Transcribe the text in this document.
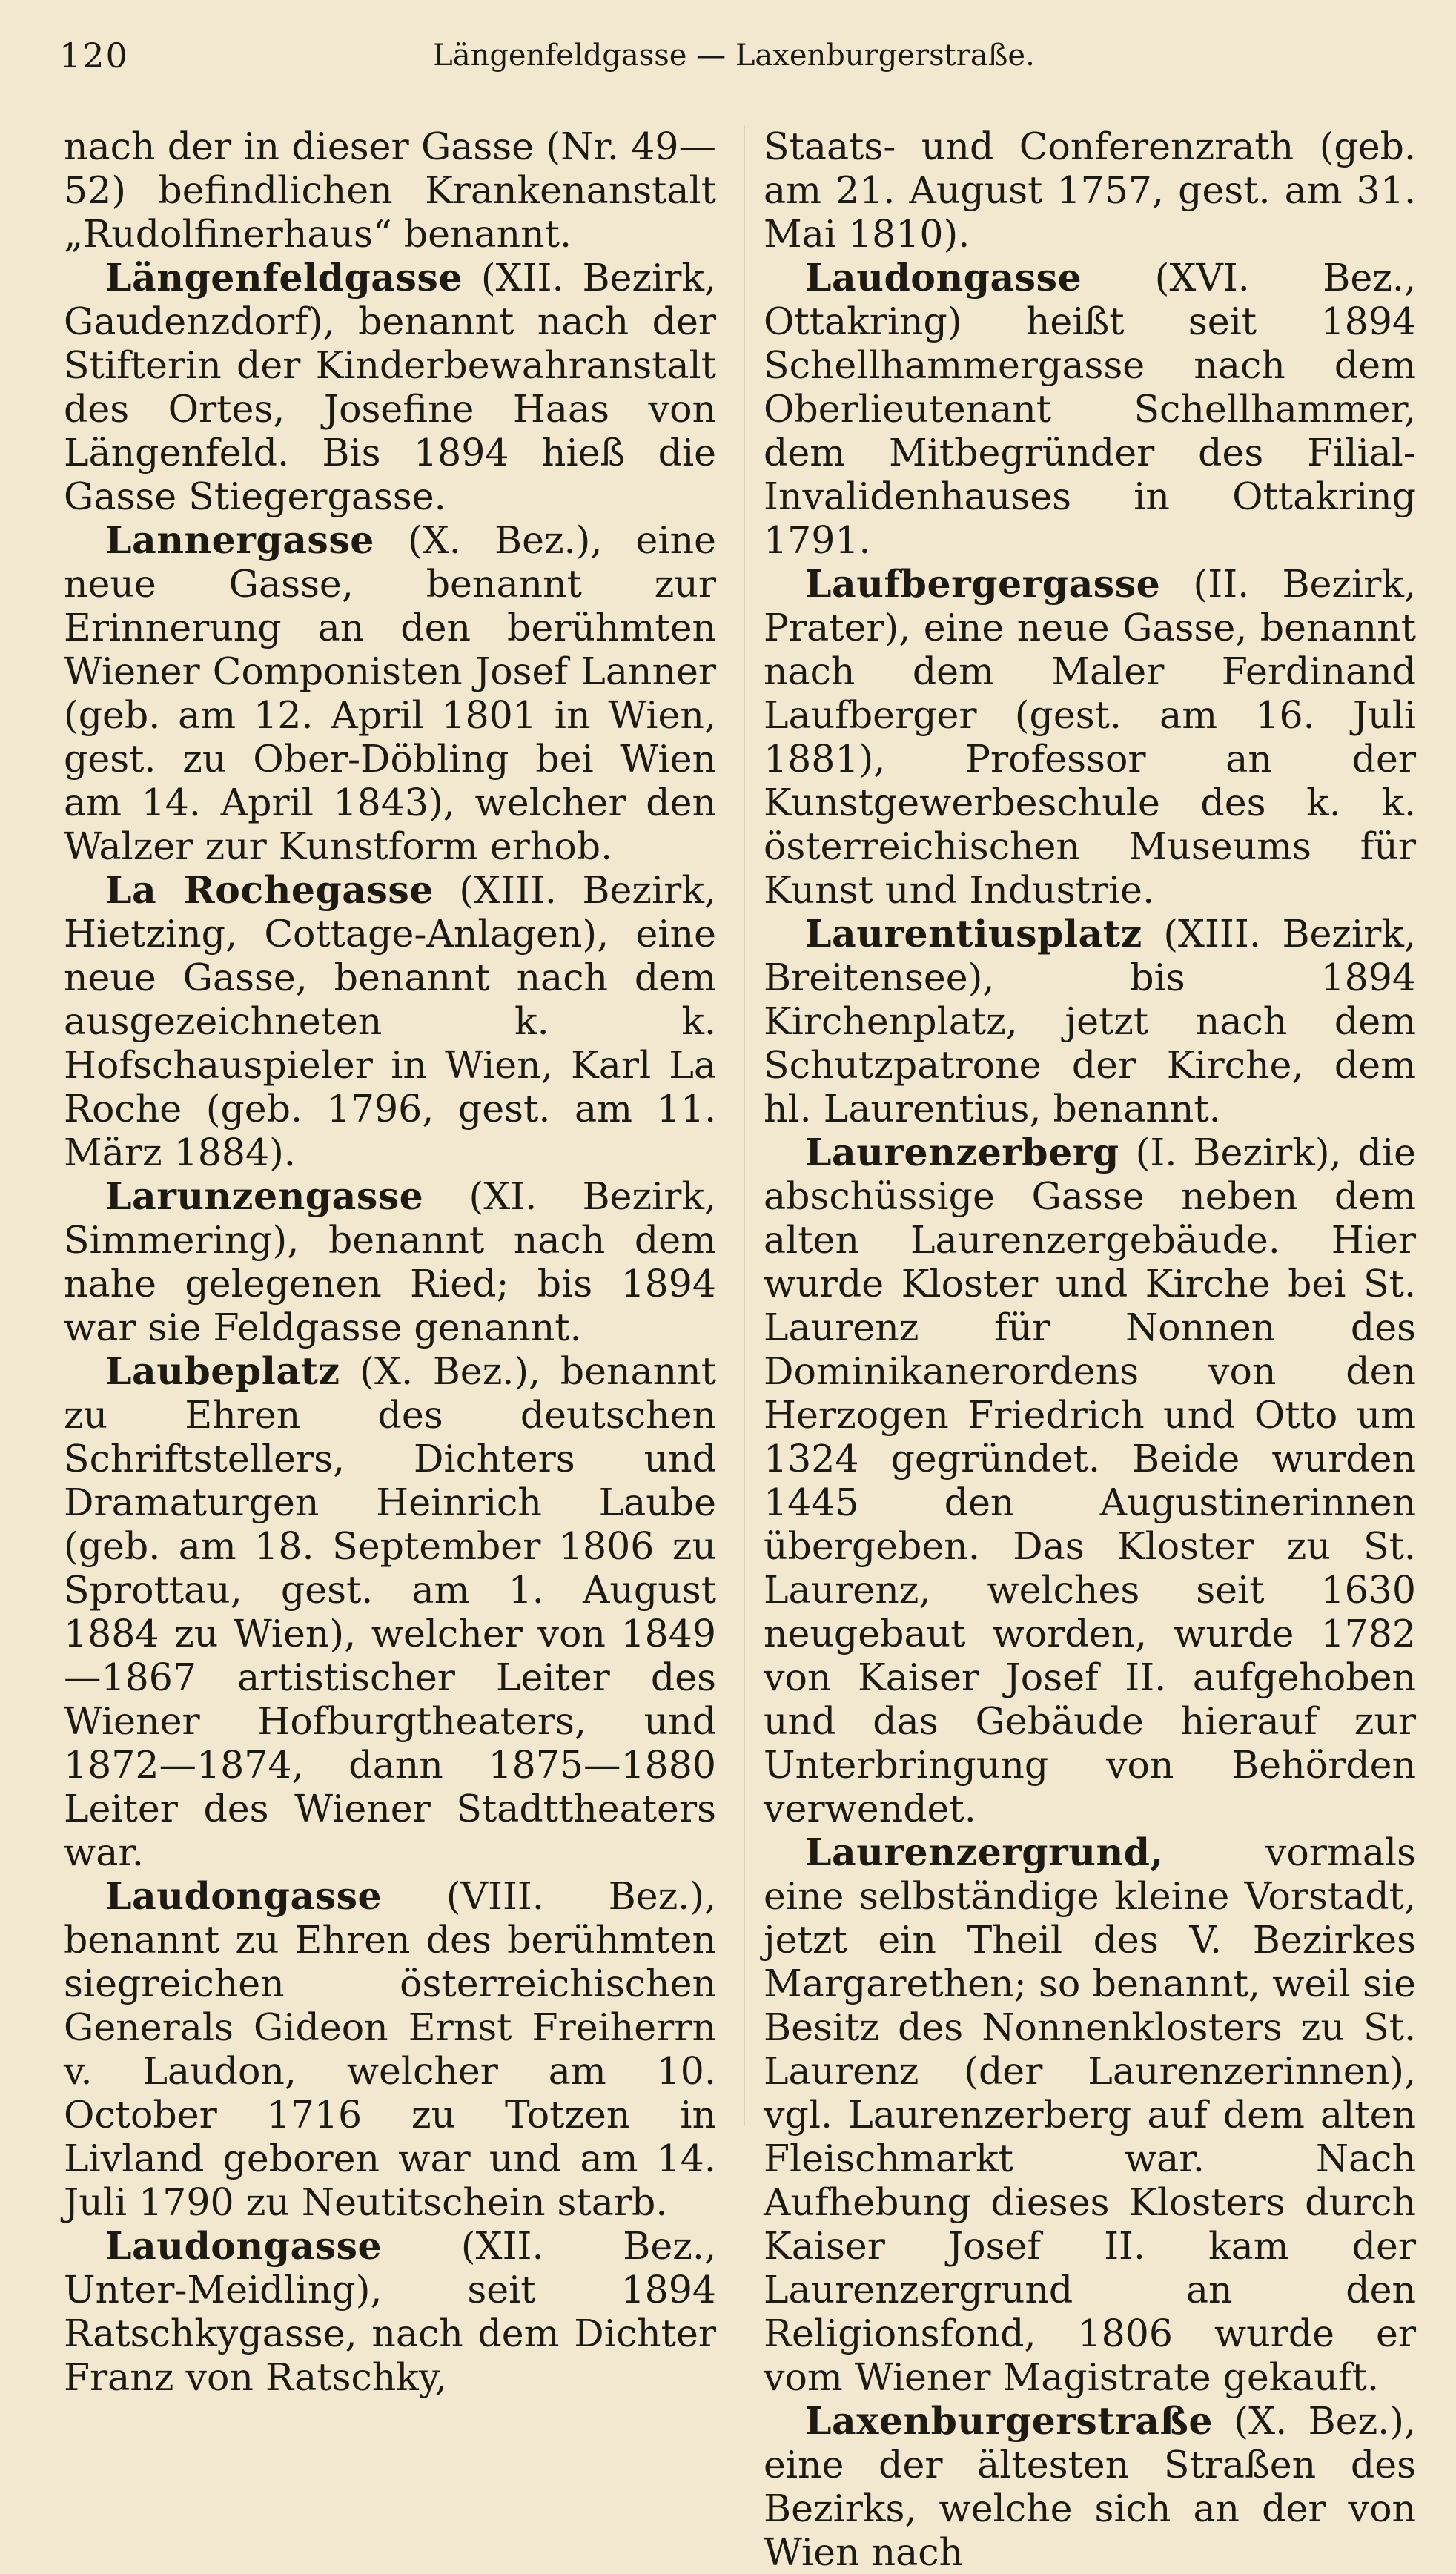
120	Längenfeldgasse — Laxenburgerstraße.

nach der in dieser Gasse (Nr. 49—52) befindlichen Krankenanstalt „Rudolfinerhaus“ benannt.

Längenfeldgasse (XII. Bezirk, Gaudenzdorf), benannt nach der Stifterin der Kinderbewahranstalt des Ortes, Josefine Haas von Längenfeld. Bis 1894 hieß die Gasse Stiegergasse.

Lannergasse (X. Bez.), eine neue Gasse, benannt zur Erinnerung an den berühmten Wiener Componisten Josef Lanner (geb. am 12. April 1801 in Wien, gest. zu Ober-Döbling bei Wien am 14. April 1843), welcher den Walzer zur Kunstform erhob.

La Rochegasse (XIII. Bezirk, Hietzing, Cottage-Anlagen), eine neue Gasse, benannt nach dem ausgezeichneten k. k. Hofschauspieler in Wien, Karl La Roche (geb. 1796, gest. am 11. März 1884).

Larunzengasse (XI. Bezirk, Simmering), benannt nach dem nahe gelegenen Ried; bis 1894 war sie Feldgasse genannt.

Laubeplatz (X. Bez.), benannt zu Ehren des deutschen Schriftstellers, Dichters und Dramaturgen Heinrich Laube (geb. am 18. September 1806 zu Sprottau, gest. am 1. August 1884 zu Wien), welcher von 1849—1867 artistischer Leiter des Wiener Hofburgtheaters, und 1872—1874, dann 1875—1880 Leiter des Wiener Stadttheaters war.

Laudongasse (VIII. Bez.), benannt zu Ehren des berühmten siegreichen österreichischen Generals Gideon Ernst Freiherrn v. Laudon, welcher am 10. October 1716 zu Totzen in Livland geboren war und am 14. Juli 1790 zu Neutitschein starb.

Laudongasse (XII. Bez., Unter-Meidling), seit 1894 Ratschkygasse, nach dem Dichter Franz von Ratschky,

Staats- und Conferenzrath (geb. am 21. August 1757, gest. am 31. Mai 1810).

Laudongasse (XVI. Bez., Ottakring) heißt seit 1894 Schellhammergasse nach dem Oberlieutenant Schellhammer, dem Mitbegründer des Filial-Invalidenhauses in Ottakring 1791.

Laufbergergasse (II. Bezirk, Prater), eine neue Gasse, benannt nach dem Maler Ferdinand Laufberger (gest. am 16. Juli 1881), Professor an der Kunstgewerbeschule des k. k. österreichischen Museums für Kunst und Industrie.

Laurentiusplatz (XIII. Bezirk, Breitensee), bis 1894 Kirchenplatz, jetzt nach dem Schutzpatrone der Kirche, dem hl. Laurentius, benannt.

Laurenzerberg (I. Bezirk), die abschüssige Gasse neben dem alten Laurenzergebäude. Hier wurde Kloster und Kirche bei St. Laurenz für Nonnen des Dominikanerordens von den Herzogen Friedrich und Otto um 1324 gegründet. Beide wurden 1445 den Augustinerinnen übergeben. Das Kloster zu St. Laurenz, welches seit 1630 neugebaut worden, wurde 1782 von Kaiser Josef II. aufgehoben und das Gebäude hierauf zur Unterbringung von Behörden verwendet.

Laurenzergrund, vormals eine selbständige kleine Vorstadt, jetzt ein Theil des V. Bezirkes Margarethen; so benannt, weil sie Besitz des Nonnenklosters zu St. Laurenz (der Laurenzerinnen), vgl. Laurenzerberg auf dem alten Fleischmarkt war. Nach Aufhebung dieses Klosters durch Kaiser Josef II. kam der Laurenzergrund an den Religionsfond, 1806 wurde er vom Wiener Magistrate gekauft.

Laxenburgerstraße (X. Bez.), eine der ältesten Straßen des Bezirks, welche sich an der von Wien nach
